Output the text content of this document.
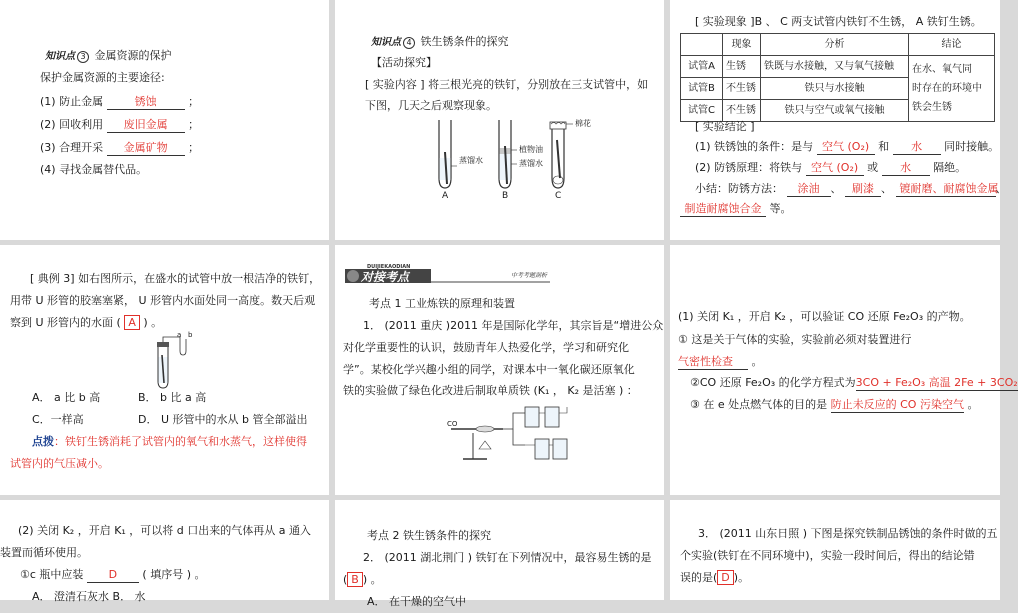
知识点 3 金属资源的保护
保护金属资源的主要途径:
(1) 防止金属	锈蚀	；
(2) 回收利用 废旧金属 ；
(3) 合理开采 金属矿物 ；
(4) 寻找金属替代品。
知识点 4 铁生锈条件的探究
【活动探究】
[ 实验内容 ] 将三根光亮的铁钉，分别放在三支试管中，如
下图，几天之后观察现象。
蒸馏水
植物油
蒸馏水
棉花
A	B	C
[ 实验现象 ]B 、 C 两支试管内铁钉不生锈， A 铁钉生锈。
	现象	分析	结论
试管A	生锈	铁既与水接触，又与氧气接触	在水、氧气同
时存在的环境中
铁会生锈

试管B	不生锈	铁只与水接触	
试管C	不生锈	铁只与空气或氧气接触	
[ 实验结论 ]
(1) 铁锈蚀的条件：是与 空气 (O₂) 和 水 同时接触。
(2) 防锈原理：将铁与 空气 (O₂) 或 水 隔绝。
小结：防锈方法： 涂油 、 刷漆 、 镀耐磨、耐腐蚀金属、
制造耐腐蚀合金 等。
[ 典例 3] 如右图所示，在盛水的试管中放一根洁净的铁钉，
用带 U 形管的胶塞塞紧， U 形管内水面处同一高度。数天后观
察到 U 形管内的水面 ( A ) 。
a b
A． a 比 b 高	B． b 比 a 高
C．一样高	D． U 形管中的水从 b 管全部溢出
点拨：铁钉生锈消耗了试管内的氧气和水蒸气，这样使得
试管内的气压减小。
DUIJIEKAODIAN
对接考点	中考考题剖析
考点 1 工业炼铁的原理和装置
1． (2011 重庆 )2011 年是国际化学年，其宗旨是“增进公众
对化学重要性的认识，鼓励青年人热爱化学，学习和研究化
学”。某校化学兴趣小组的同学，对课本中一氧化碳还原氧化
铁的实验做了绿色化改进后制取单质铁 (K₁ ， K₂ 是活塞 ) ：
CO
(1) 关闭 K₁ ，开启 K₂ ，可以验证 CO 还原 Fe₂O₃ 的产物。
① 这是关于气体的实验，实验前必须对装置进行
气密性检查 。
②CO 还原 Fe₂O₃ 的化学方程式为3CO + Fe₂O₃ 高温 2Fe + 3CO₂
③ 在 e 处点燃气体的目的是 防止未反应的 CO 污染空气 。
(2) 关闭 K₂ ，开启 K₁ ，可以将 d 口出来的气体再从 a 通入
装置而循环使用。
①c 瓶中应装 D ( 填序号 ) 。
A． 澄清石灰水 B． 水
考点 2 铁生锈条件的探究
2． (2011 湖北荆门 ) 铁钉在下列情况中，最容易生锈的是
( B ) 。
A． 在干燥的空气中
3． (2011 山东日照 ) 下图是探究铁制品锈蚀的条件时做的五
个实验(铁钉在不同环境中)，实验一段时间后，得出的结论错
误的是( D )。
